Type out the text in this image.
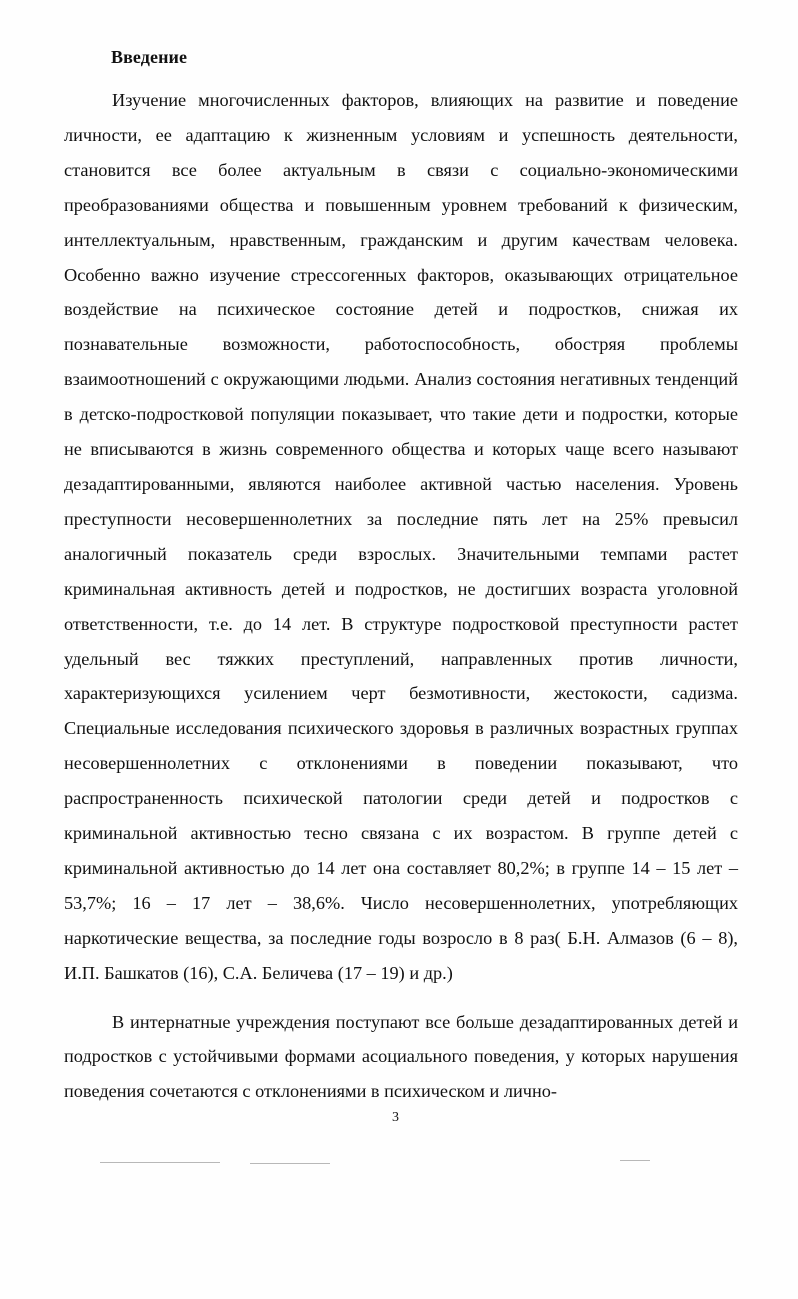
Введение

Изучение многочисленных факторов, влияющих на развитие и поведение личности, ее адаптацию к жизненным условиям и успешность деятельности, становится все более актуальным в связи с социально-экономическими преобразованиями общества и повышенным уровнем требований к физическим, интеллектуальным, нравственным, гражданским и другим качествам человека. Особенно важно изучение стрессогенных факторов, оказывающих отрицательное воздействие на психическое состояние детей и подростков, снижая их познавательные возможности, работоспособность, обостряя проблемы взаимоотношений с окружающими людьми. Анализ состояния негативных тенденций в детско-подростковой популяции показывает, что такие дети и подростки, которые не вписываются в жизнь современного общества и которых чаще всего называют дезадаптированными, являются наиболее активной частью населения. Уровень преступности несовершеннолетних за последние пять лет на 25% превысил аналогичный показатель среди взрослых. Значительными темпами растет криминальная активность детей и подростков, не достигших возраста уголовной ответственности, т.е. до 14 лет. В структуре подростковой преступности растет удельный вес тяжких преступлений, направленных против личности, характеризующихся усилением черт безмотивности, жестокости, садизма. Специальные исследования психического здоровья в различных возрастных группах несовершеннолетних с отклонениями в поведении показывают, что распространенность психической патологии среди детей и подростков с криминальной активностью тесно связана с их возрастом. В группе детей с криминальной активностью до 14 лет она составляет 80,2%; в группе 14 – 15 лет – 53,7%; 16 – 17 лет – 38,6%. Число несовершеннолетних, употребляющих наркотические вещества, за последние годы возросло в 8 раз( Б.Н. Алмазов (6 – 8), И.П. Башкатов (16), С.А. Беличева (17 – 19) и др.)

В интернатные учреждения поступают все больше дезадаптированных детей и подростков с устойчивыми формами асоциального поведения, у которых нарушения поведения сочетаются с отклонениями в психическом и лично-

3
